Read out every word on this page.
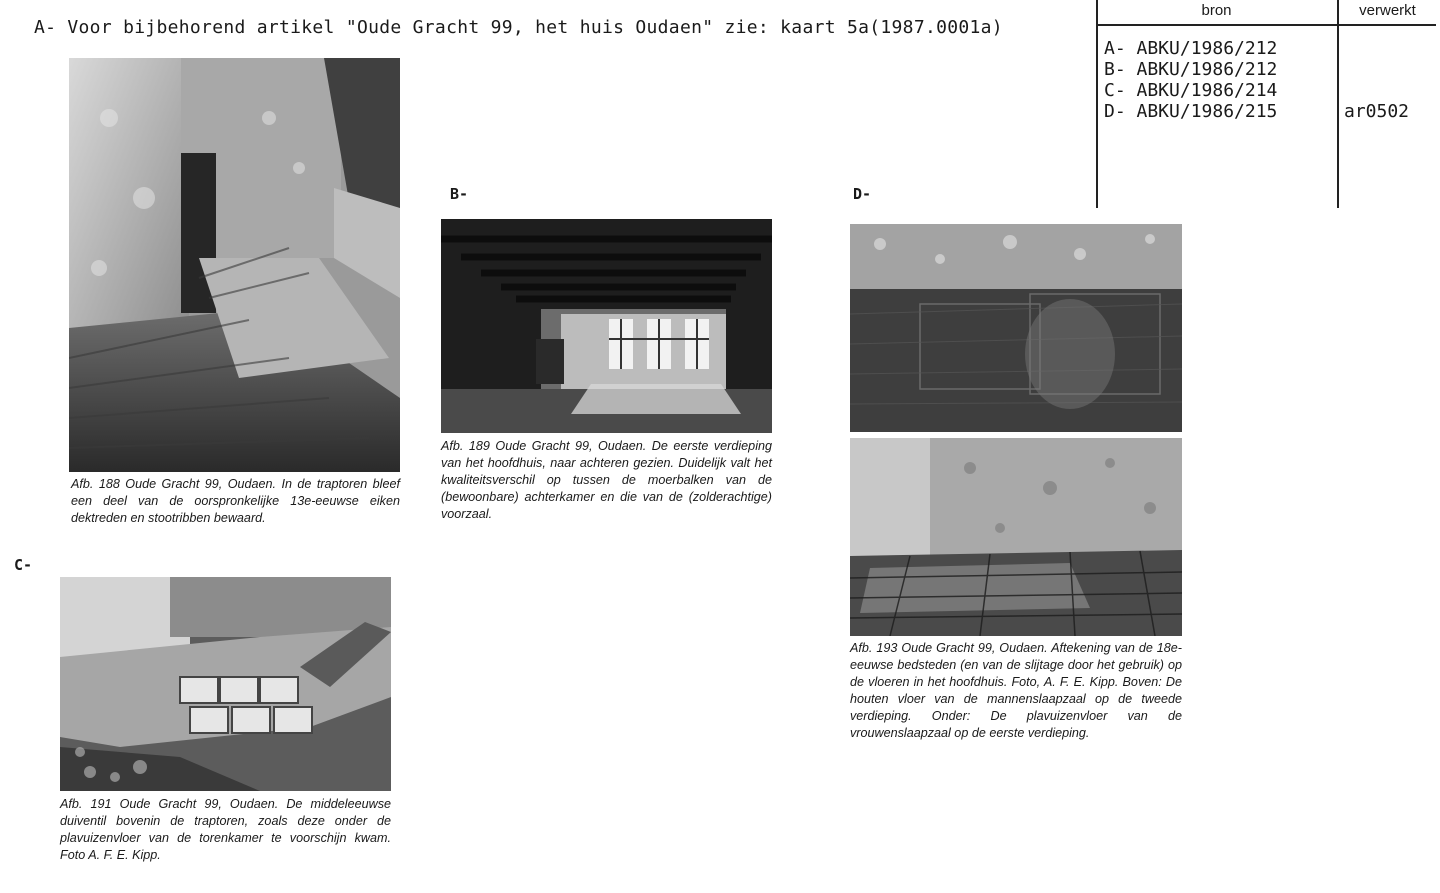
A- Voor bijbehorend artikel "Oude Gracht 99, het huis Oudaen" zie: kaart 5a(1987.0001a)
bron	verwerkt
A- ABKU/1986/212
B- ABKU/1986/212
C- ABKU/1986/214
D- ABKU/1986/215	ar0502
B-
C-
D-
Afb. 188 Oude Gracht 99, Oudaen. In de traptoren bleef een deel van de oorspronkelijke 13e-eeuwse eiken dektreden en stootribben bewaard.
Afb. 189 Oude Gracht 99, Oudaen. De eerste verdieping van het hoofdhuis, naar achteren gezien. Duidelijk valt het kwaliteitsverschil op tussen de moerbalken van de (bewoonbare) achterkamer en die van de (zolderachtige) voorzaal.
Afb. 191 Oude Gracht 99, Oudaen. De middeleeuwse duiventil bovenin de traptoren, zoals deze onder de plavuizenvloer van de torenkamer te voorschijn kwam. Foto A. F. E. Kipp.
Afb. 193 Oude Gracht 99, Oudaen. Aftekening van de 18e-eeuwse bedsteden (en van de slijtage door het gebruik) op de vloeren in het hoofdhuis. Foto, A. F. E. Kipp. Boven: De houten vloer van de mannenslaapzaal op de tweede verdieping. Onder: De plavuizenvloer van de vrouwenslaapzaal op de eerste verdieping.
